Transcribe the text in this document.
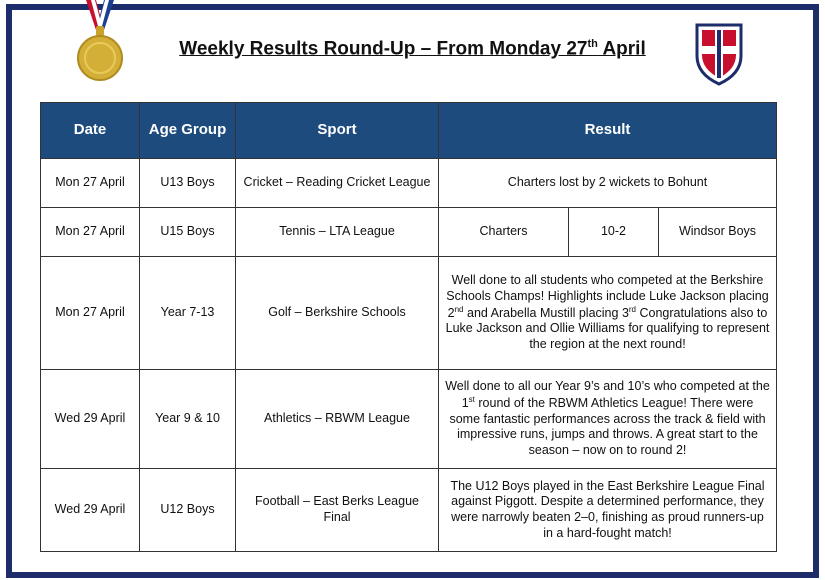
Weekly Results Round-Up – From Monday 27th April
Date	Age Group	Sport	Result		
Mon 27 April	U13 Boys	Cricket – Reading Cricket League	Charters lost by 2 wickets to Bohunt		
Mon 27 April	U15 Boys	Tennis – LTA League	Charters	10-2	Windsor Boys
Mon 27 April	Year 7-13	Golf – Berkshire Schools	Well done to all students who competed at the Berkshire Schools Champs! Highlights include Luke Jackson placing 2nd and Arabella Mustill placing 3rd Congratulations also to Luke Jackson and Ollie Williams for qualifying to represent the region at the next round!		
Wed 29 April	Year 9 & 10	Athletics – RBWM League	Well done to all our Year 9’s and 10’s who competed at the 1st round of the RBWM Athletics League! There were some fantastic performances across the track & field with impressive runs, jumps and throws. A great start to the season – now on to round 2!		
Wed 29 April	U12 Boys	Football – East Berks League Final	The U12 Boys played in the East Berkshire League Final against Piggott. Despite a determined performance, they were narrowly beaten 2–0, finishing as proud runners-up in a hard-fought match!		
